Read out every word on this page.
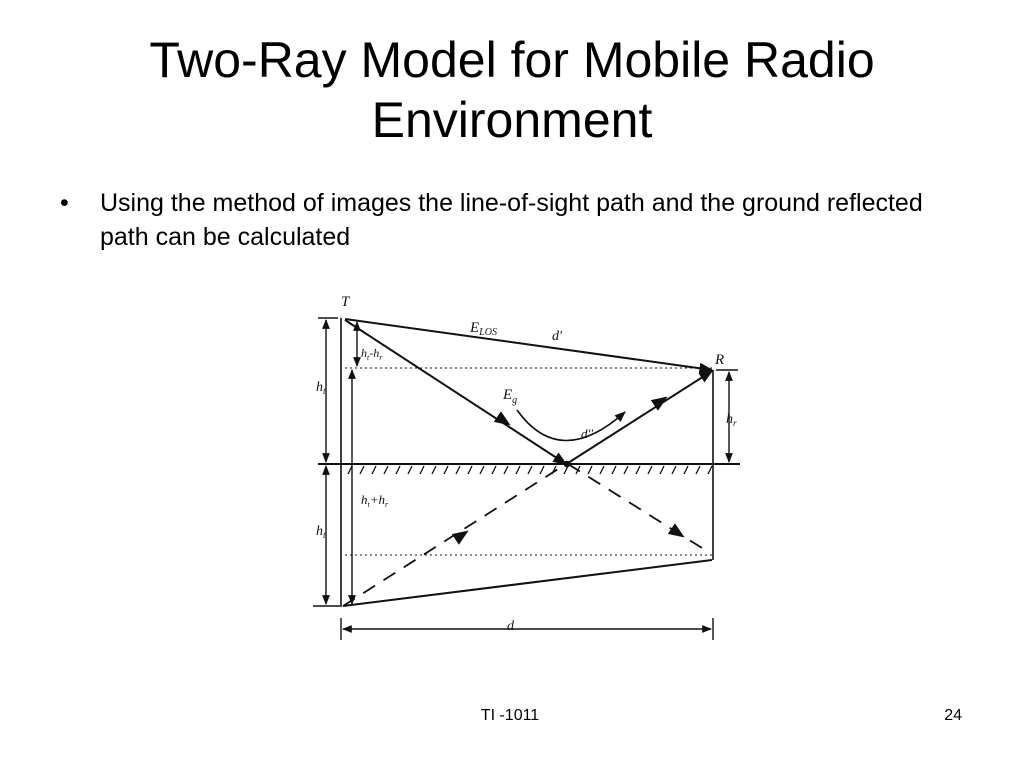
Two-Ray Model for Mobile Radio
Environment
• Using the method of images the line-of-sight path and the ground reflected path can be calculated
T
R
$E_{LOS}$	d'
$E_g$
d''
$h_t$
$h_t$
$h_t-h_r$
$h_t+h_r$
$h_r$
d
TI -1011	24
